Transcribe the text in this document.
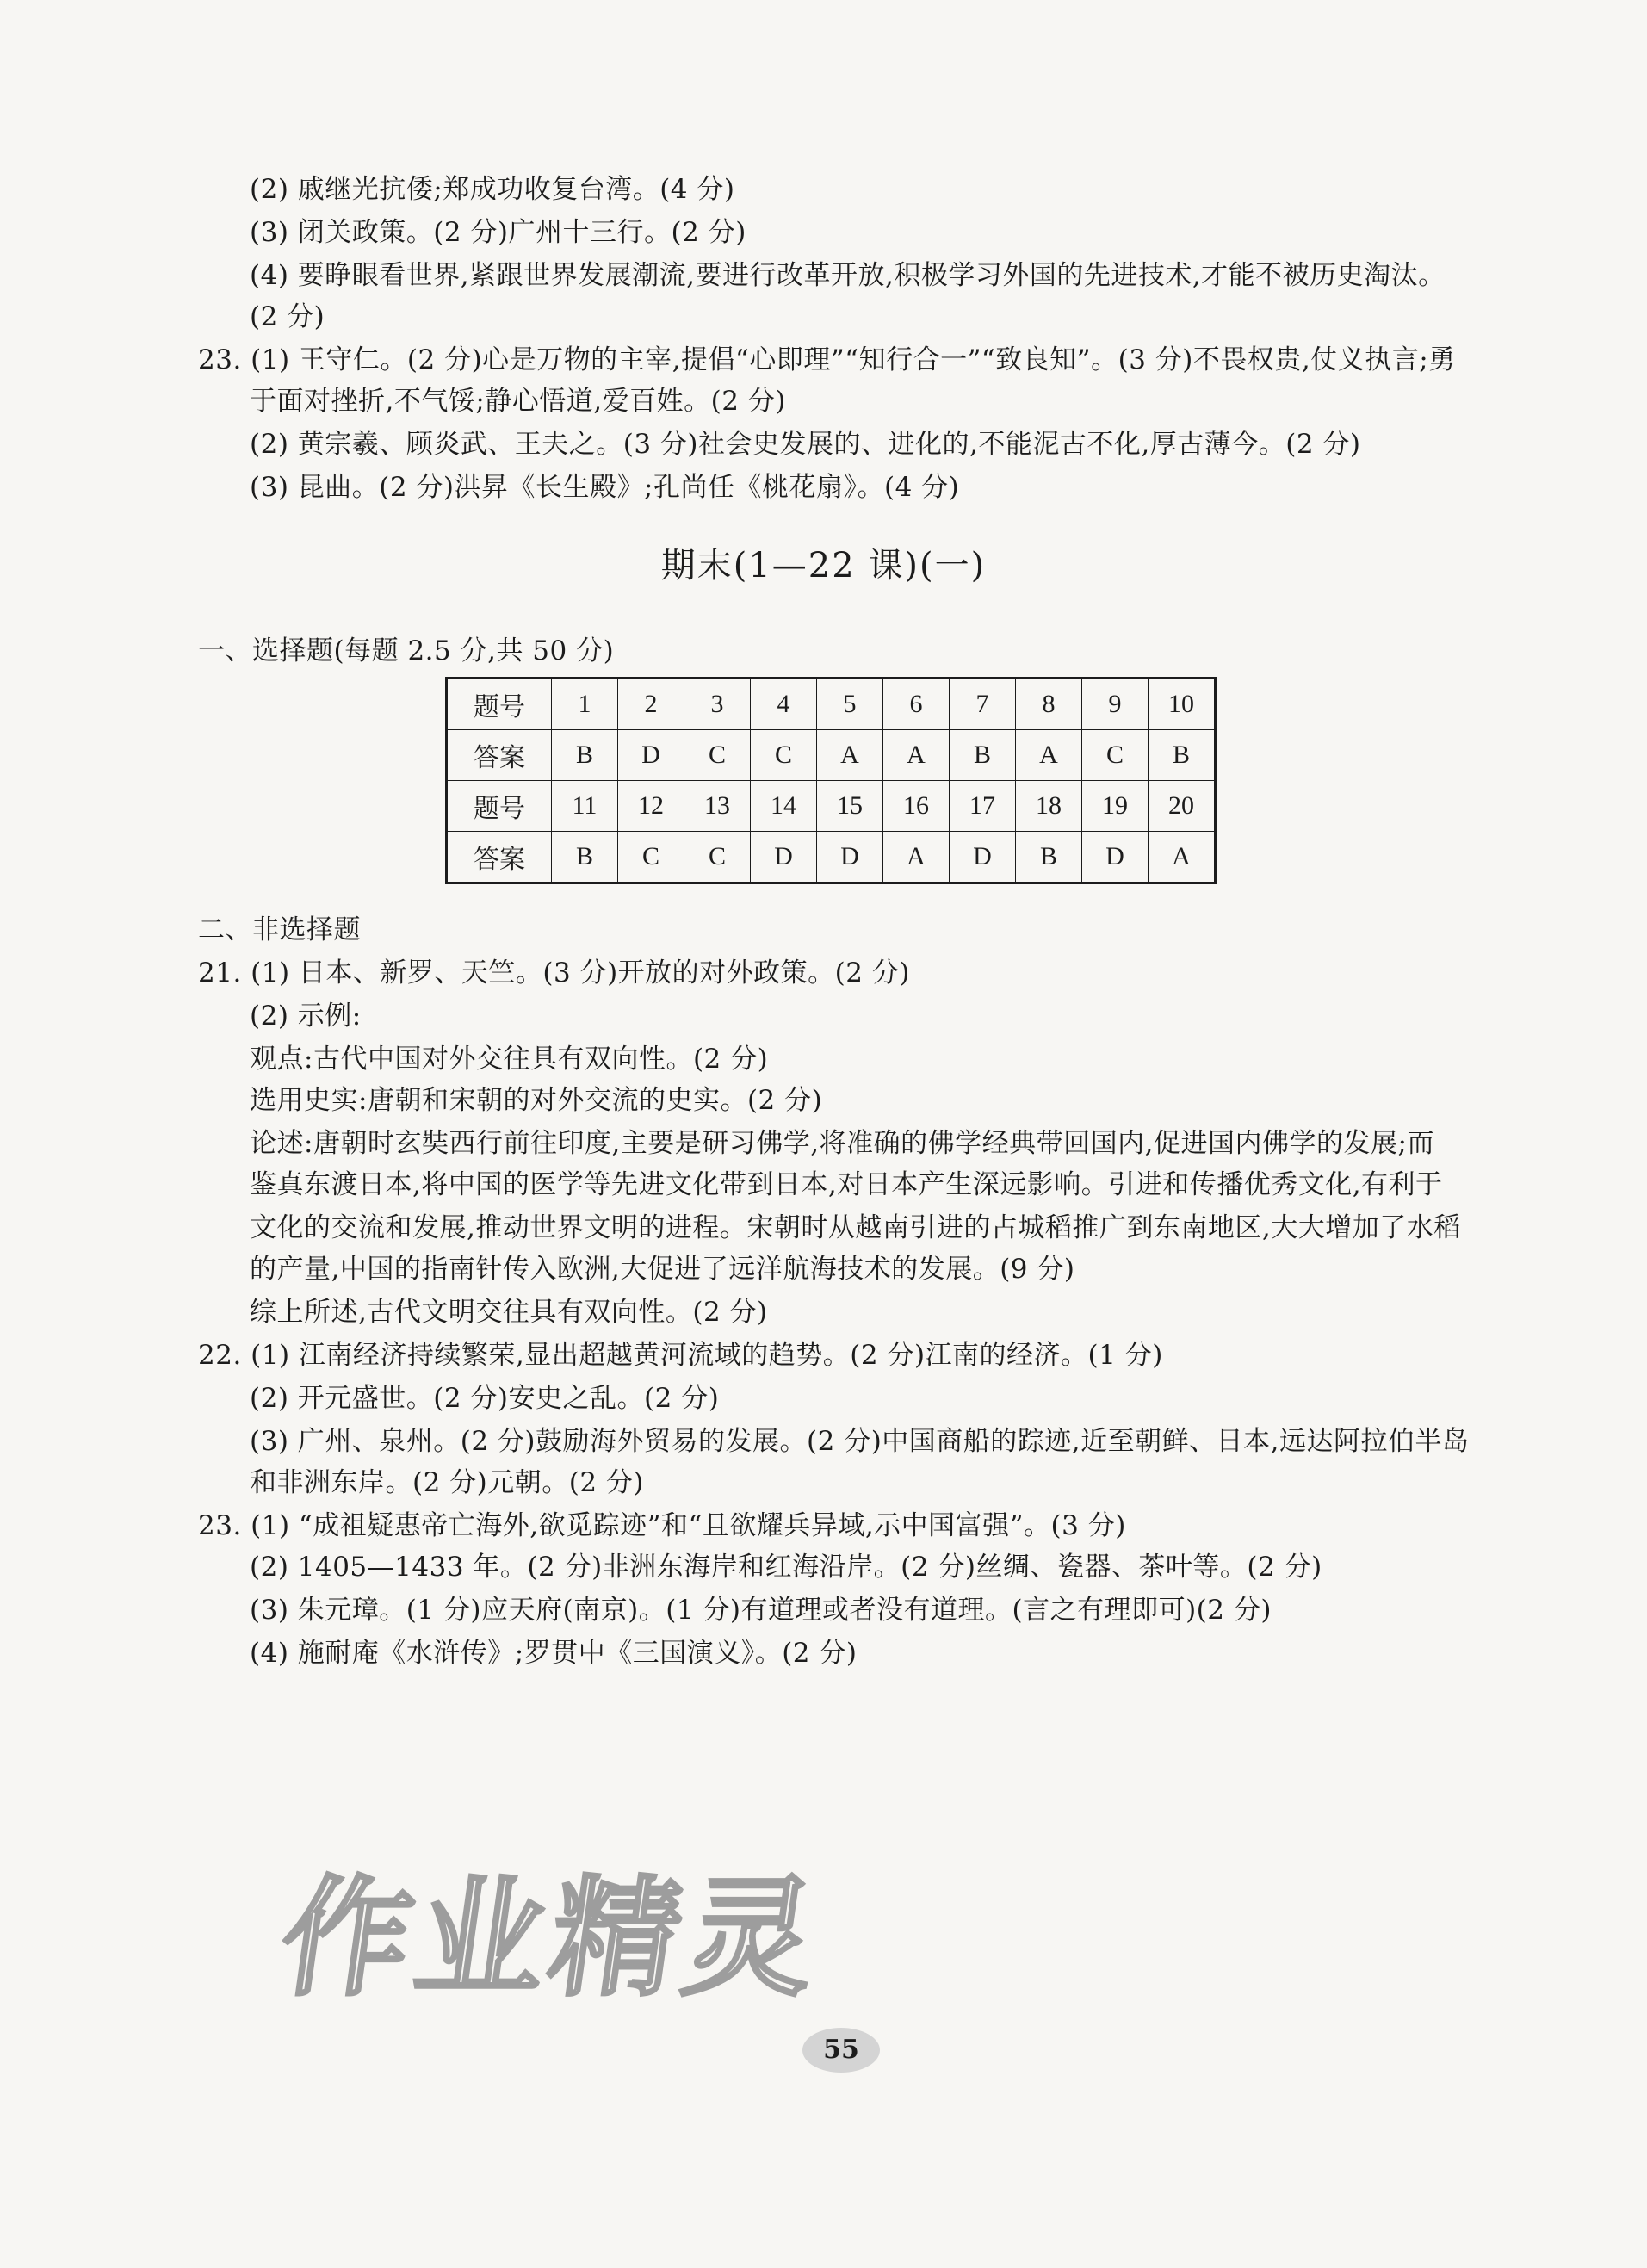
(2) 戚继光抗倭;郑成功收复台湾。(4 分)
(3) 闭关政策。(2 分)广州十三行。(2 分)
(4) 要睁眼看世界,紧跟世界发展潮流,要进行改革开放,积极学习外国的先进技术,才能不被历史淘汰。
(2 分)
23. (1) 王守仁。(2 分)心是万物的主宰,提倡“心即理”“知行合一”“致良知”。(3 分)不畏权贵,仗义执言;勇
于面对挫折,不气馁;静心悟道,爱百姓。(2 分)
(2) 黄宗羲、顾炎武、王夫之。(3 分)社会史发展的、进化的,不能泥古不化,厚古薄今。(2 分)
(3) 昆曲。(2 分)洪昇《长生殿》;孔尚任《桃花扇》。(4 分)
期末(1—22 课)(一)
一、选择题(每题 2.5 分,共 50 分)
题号	1	2	3	4	5	6	7	8	9	10
答案	B	D	C	C	A	A	B	A	C	B
题号	11	12	13	14	15	16	17	18	19	20
答案	B	C	C	D	D	A	D	B	D	A
二、非选择题
21. (1) 日本、新罗、天竺。(3 分)开放的对外政策。(2 分)
(2) 示例:
观点:古代中国对外交往具有双向性。(2 分)
选用史实:唐朝和宋朝的对外交流的史实。(2 分)
论述:唐朝时玄奘西行前往印度,主要是研习佛学,将准确的佛学经典带回国内,促进国内佛学的发展;而
鉴真东渡日本,将中国的医学等先进文化带到日本,对日本产生深远影响。引进和传播优秀文化,有利于
文化的交流和发展,推动世界文明的进程。宋朝时从越南引进的占城稻推广到东南地区,大大增加了水稻
的产量,中国的指南针传入欧洲,大促进了远洋航海技术的发展。(9 分)
综上所述,古代文明交往具有双向性。(2 分)
22. (1) 江南经济持续繁荣,显出超越黄河流域的趋势。(2 分)江南的经济。(1 分)
(2) 开元盛世。(2 分)安史之乱。(2 分)
(3) 广州、泉州。(2 分)鼓励海外贸易的发展。(2 分)中国商船的踪迹,近至朝鲜、日本,远达阿拉伯半岛
和非洲东岸。(2 分)元朝。(2 分)
23. (1) “成祖疑惠帝亡海外,欲觅踪迹”和“且欲耀兵异域,示中国富强”。(3 分)
(2) 1405—1433 年。(2 分)非洲东海岸和红海沿岸。(2 分)丝绸、瓷器、茶叶等。(2 分)
(3) 朱元璋。(1 分)应天府(南京)。(1 分)有道理或者没有道理。(言之有理即可)(2 分)
(4) 施耐庵《水浒传》;罗贯中《三国演义》。(2 分)
作业精灵
55
